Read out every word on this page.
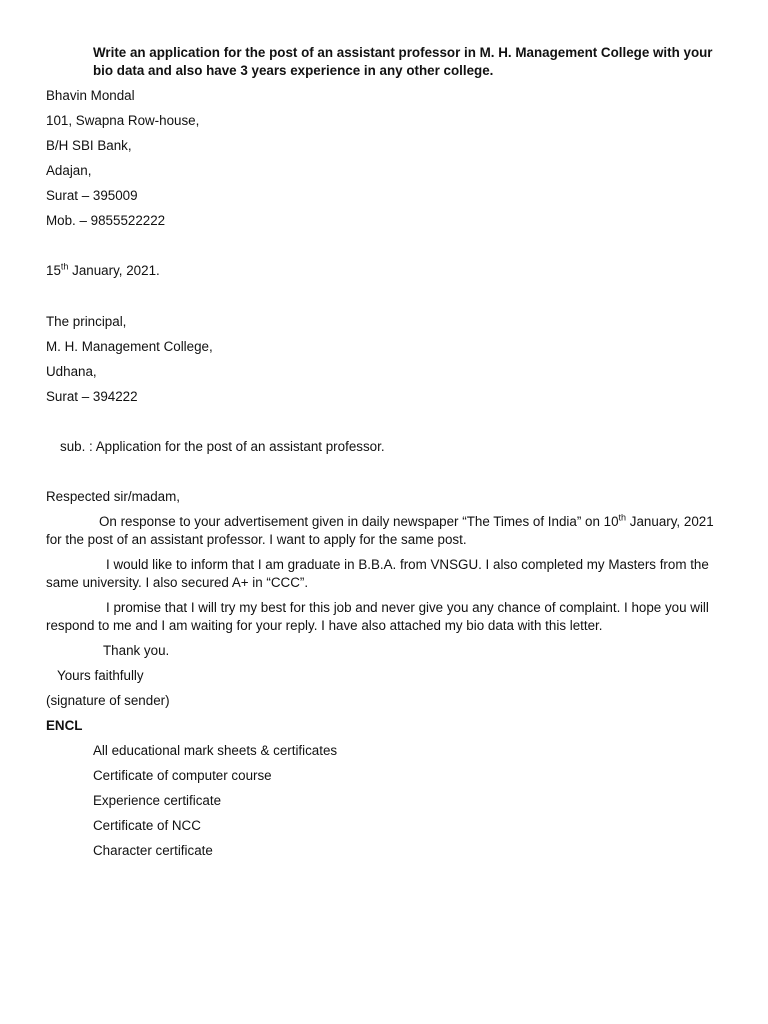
Write an application for the post of an assistant professor in M. H. Management College with your bio data and also have 3 years experience in any other college.
Bhavin Mondal
101, Swapna Row-house,
B/H SBI Bank,
Adajan,
Surat – 395009
Mob. – 9855522222
15th January, 2021.
The principal,
M. H. Management College,
Udhana,
Surat – 394222
sub. : Application for the post of an assistant professor.
Respected sir/madam,
On response to your advertisement given in daily newspaper “The Times of India” on 10th January, 2021 for the post of an assistant professor. I want to apply for the same post.
I would like to inform that I am graduate in B.B.A. from VNSGU. I also completed my Masters from the same university. I also secured A+ in “CCC”.
I promise that I will try my best for this job and never give you any chance of complaint. I hope you will respond to me and I am waiting for your reply. I have also attached my bio data with this letter.
Thank you.
Yours faithfully
(signature of sender)
ENCL
All educational mark sheets & certificates
Certificate of computer course
Experience certificate
Certificate of NCC
Character certificate
